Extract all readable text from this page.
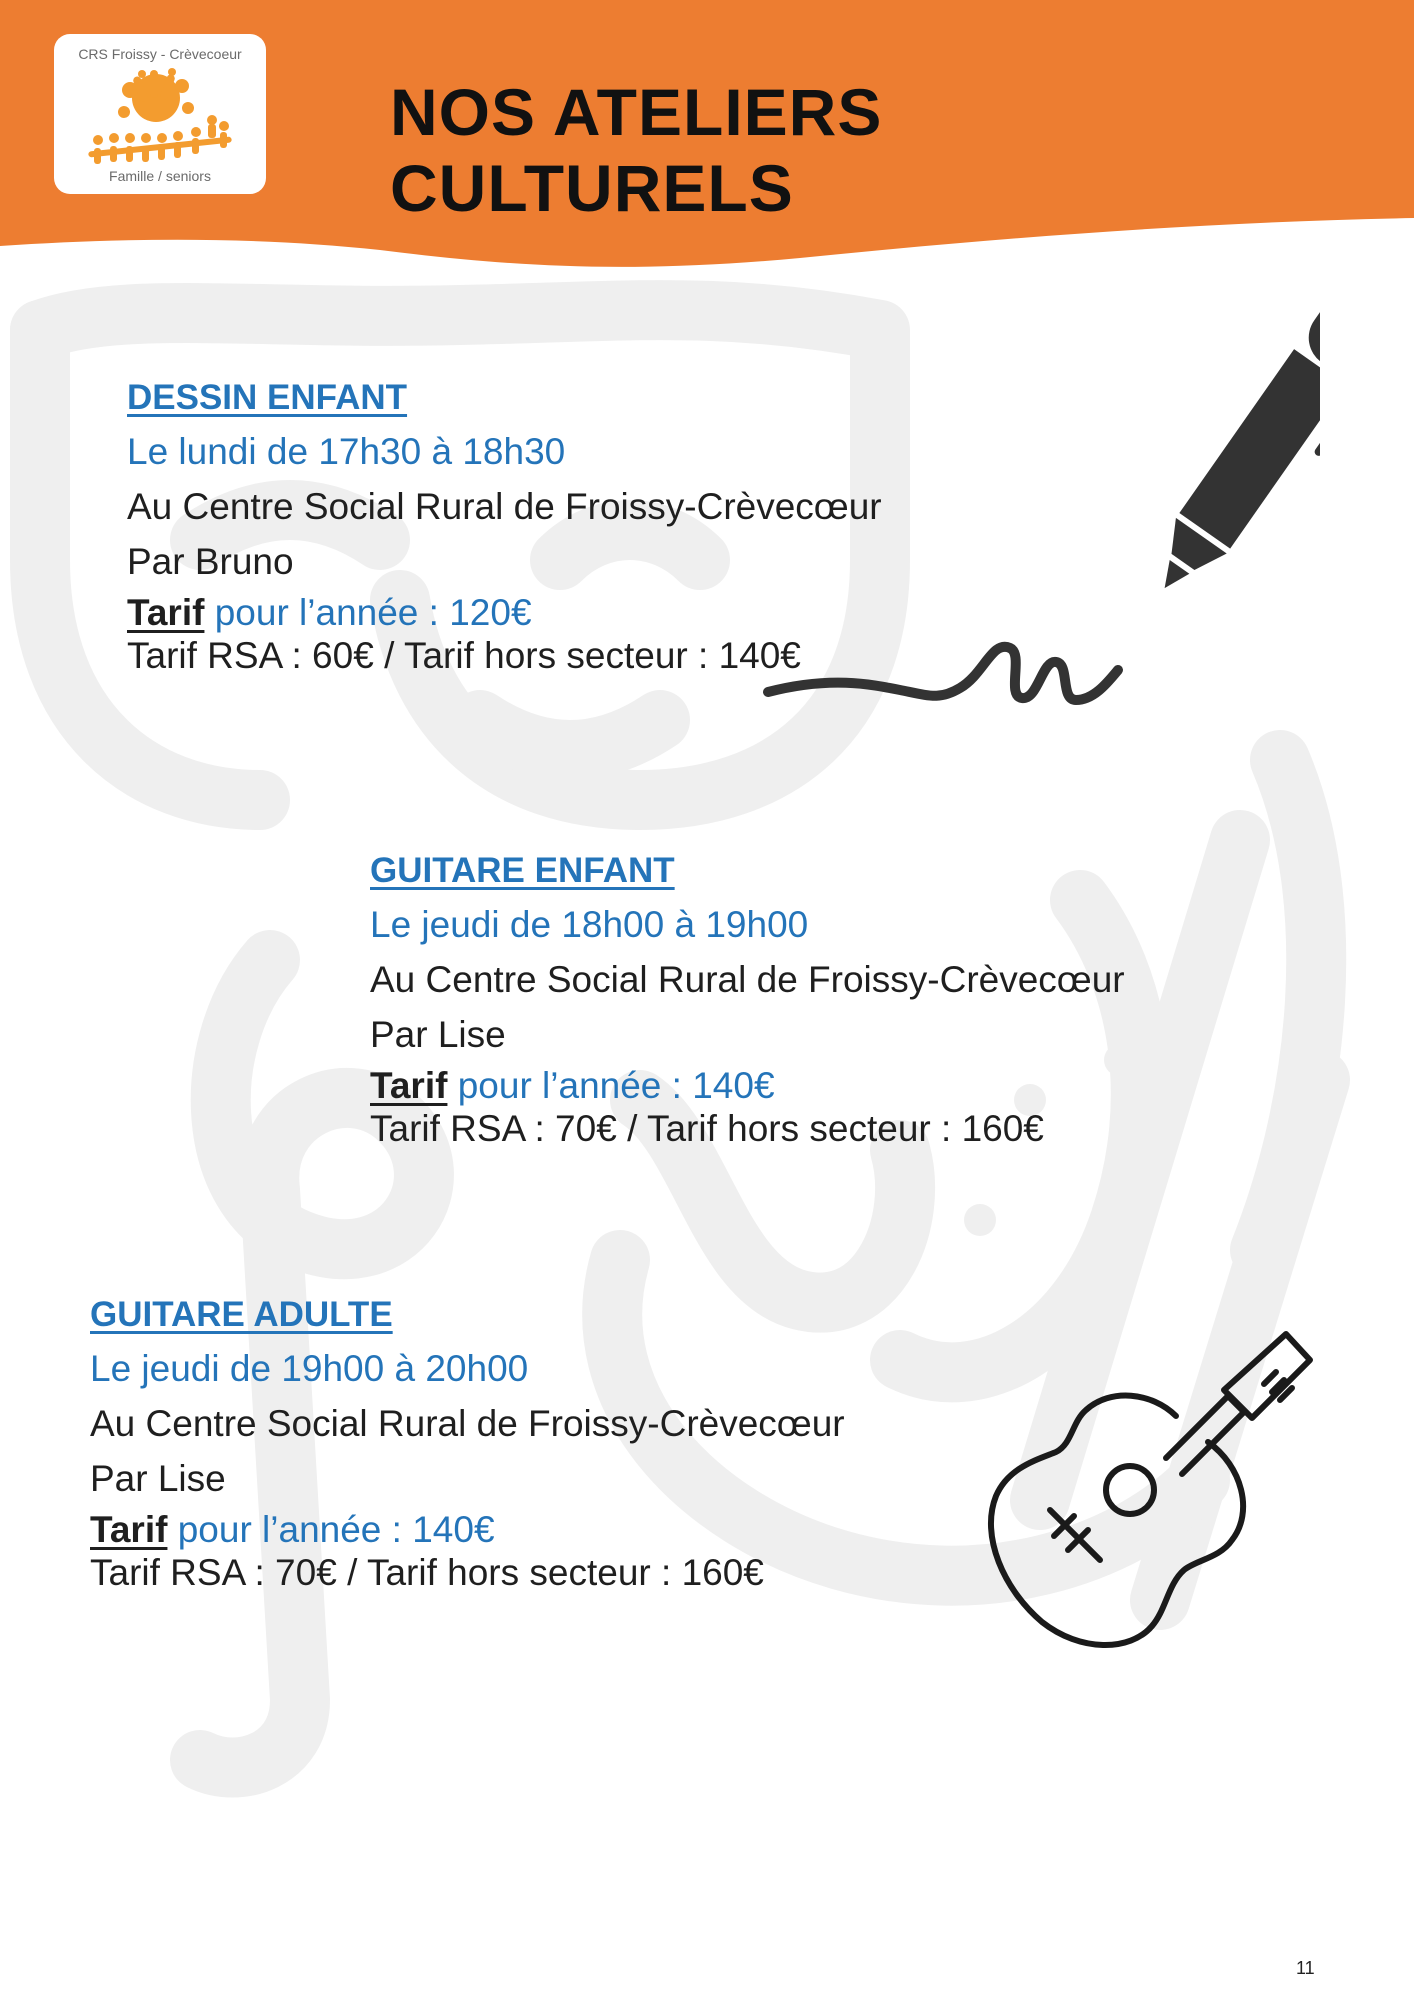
CRS Froissy - Crèvecoeur
Famille / seniors
NOS ATELIERS CULTURELS
DESSIN ENFANT
Le lundi de 17h30 à 18h30
Au Centre Social Rural de Froissy-Crèvecœur
Par Bruno
Tarif pour l’année : 120€
Tarif RSA : 60€ / Tarif hors secteur : 140€
GUITARE ENFANT
Le jeudi de 18h00 à 19h00
Au Centre Social Rural de Froissy-Crèvecœur
Par Lise
Tarif pour l’année : 140€
Tarif RSA : 70€ / Tarif hors secteur : 160€
GUITARE ADULTE
Le jeudi de 19h00 à 20h00
Au Centre Social Rural de Froissy-Crèvecœur
Par Lise
Tarif pour l’année : 140€
Tarif RSA : 70€ / Tarif hors secteur : 160€
11
